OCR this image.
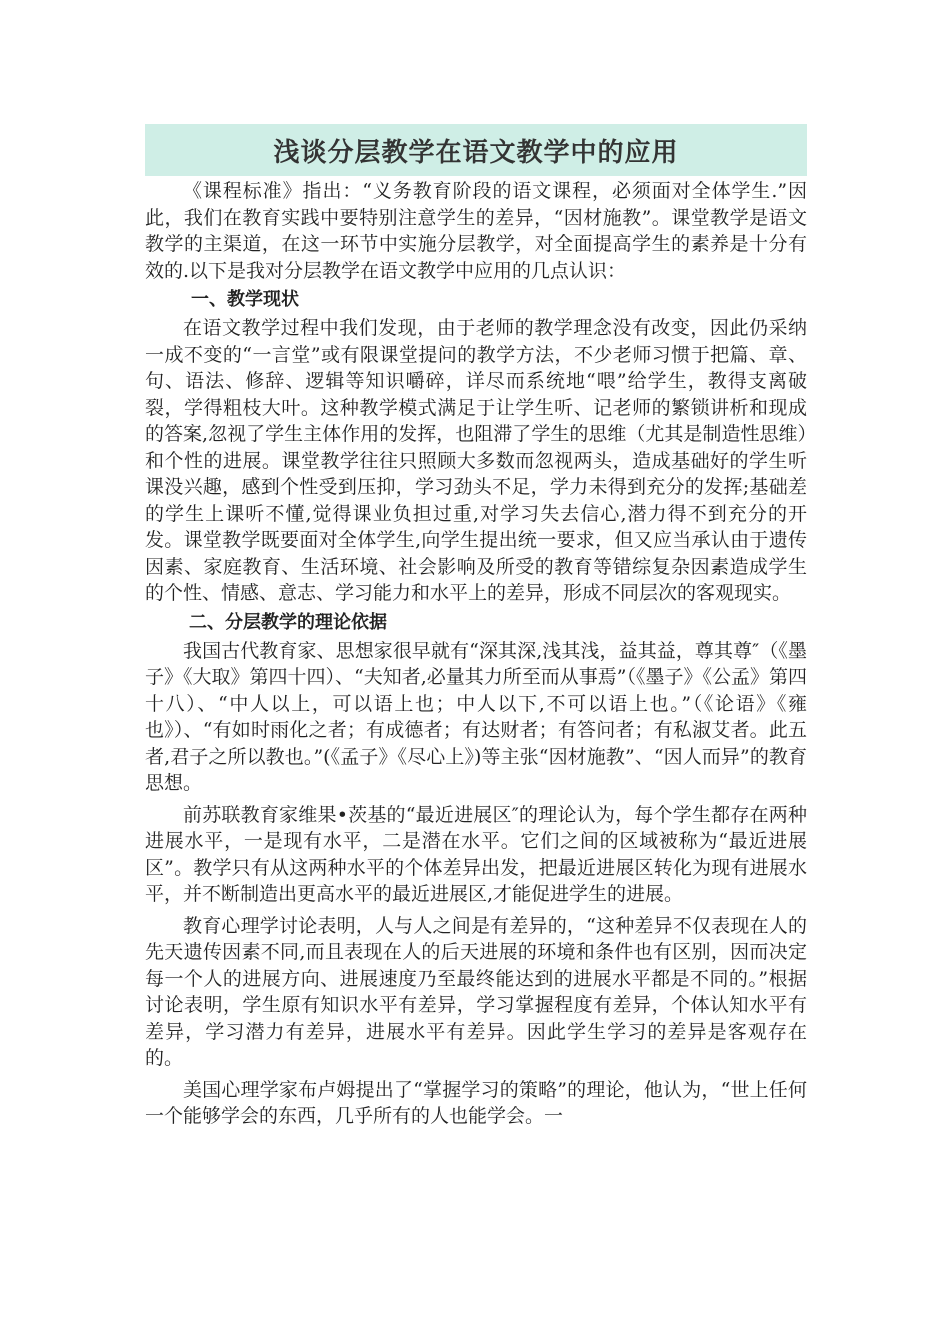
浅谈分层教学在语文教学中的应用

《课程标准》指出：“义务教育阶段的语文课程，必须面对全体学生.”因此，我们在教育实践中要特别注意学生的差异，“因材施教”。课堂教学是语文教学的主渠道，在这一环节中实施分层教学，对全面提高学生的素养是十分有效的.以下是我对分层教学在语文教学中应用的几点认识：

一、教学现状

在语文教学过程中我们发现，由于老师的教学理念没有改变，因此仍采纳一成不变的“一言堂”或有限课堂提问的教学方法，不少老师习惯于把篇、章、句、语法、修辞、逻辑等知识嚼碎，详尽而系统地“喂”给学生，教得支离破裂，学得粗枝大叶。这种教学模式满足于让学生听、记老师的繁锁讲析和现成的答案,忽视了学生主体作用的发挥，也阻滞了学生的思维（尤其是制造性思维）和个性的进展。课堂教学往往只照顾大多数而忽视两头，造成基础好的学生听课没兴趣，感到个性受到压抑，学习劲头不足，学力未得到充分的发挥;基础差的学生上课听不懂,觉得课业负担过重,对学习失去信心,潜力得不到充分的开发。课堂教学既要面对全体学生,向学生提出统一要求，但又应当承认由于遗传因素、家庭教育、生活环境、社会影响及所受的教育等错综复杂因素造成学生的个性、情感、意志、学习能力和水平上的差异，形成不同层次的客观现实。

二、分层教学的理论依据

我国古代教育家、思想家很早就有“深其深,浅其浅，益其益，尊其尊″（《墨子》《大取》第四十四）、“夫知者,必量其力所至而从事焉”（《墨子》《公孟》第四十八）、“中人以上，可以语上也；中人以下,不可以语上也。”（《论语》《雍也》）、“有如时雨化之者；有成德者；有达财者；有答问者；有私淑艾者。此五者,君子之所以教也。”(《孟子》《尽心上》)等主张“因材施教”、“因人而异”的教育思想。

前苏联教育家维果•茨基的“最近进展区″的理论认为，每个学生都存在两种进展水平，一是现有水平，二是潜在水平。它们之间的区域被称为“最近进展区”。教学只有从这两种水平的个体差异出发，把最近进展区转化为现有进展水平，并不断制造出更高水平的最近进展区,才能促进学生的进展。

教育心理学讨论表明，人与人之间是有差异的，“这种差异不仅表现在人的先天遗传因素不同,而且表现在人的后天进展的环境和条件也有区别，因而决定每一个人的进展方向、进展速度乃至最终能达到的进展水平都是不同的。”根据讨论表明，学生原有知识水平有差异，学习掌握程度有差异，个体认知水平有差异，学习潜力有差异，进展水平有差异。因此学生学习的差异是客观存在的。

美国心理学家布卢姆提出了“掌握学习的策略”的理论，他认为，“世上任何一个能够学会的东西，几乎所有的人也能学会。一
